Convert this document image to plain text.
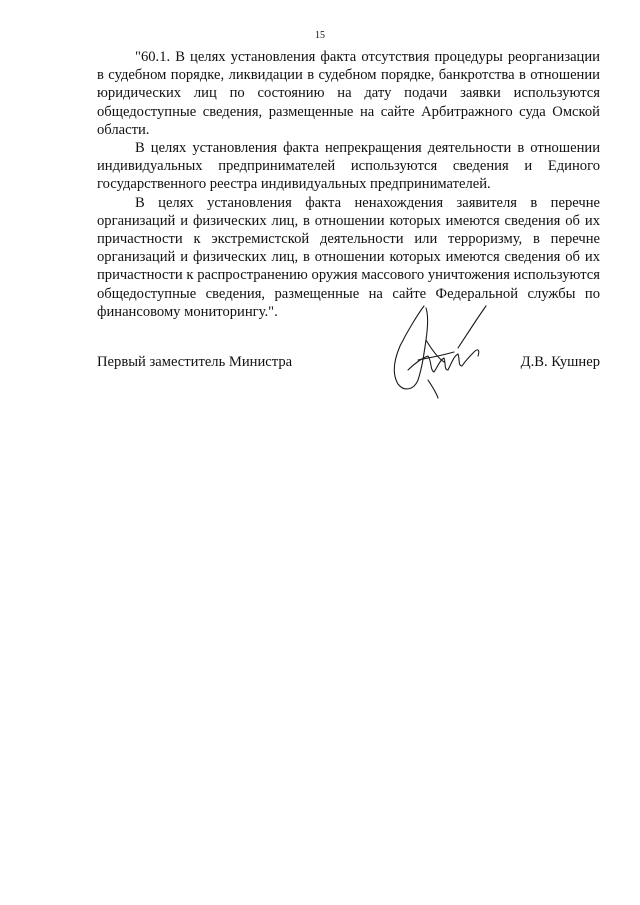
15

"60.1. В целях установления факта отсутствия процедуры реорганизации в судебном порядке, ликвидации в судебном порядке, банкротства в отношении юридических лиц по состоянию на дату подачи заявки используются общедоступные сведения, размещенные на сайте Арбитражного суда Омской области.

В целях установления факта непрекращения деятельности в отношении индивидуальных предпринимателей используются сведения и Единого государственного реестра индивидуальных предпринимателей.

В целях установления факта ненахождения заявителя в перечне организаций и физических лиц, в отношении которых имеются сведения об их причастности к экстремистской деятельности или терроризму, в перечне организаций и физических лиц, в отношении которых имеются сведения об их причастности к распространению оружия массового уничтожения используются общедоступные сведения, размещенные на сайте Федеральной службы по финансовому мониторингу.".

Первый заместитель Министра	Д.В. Кушнер
